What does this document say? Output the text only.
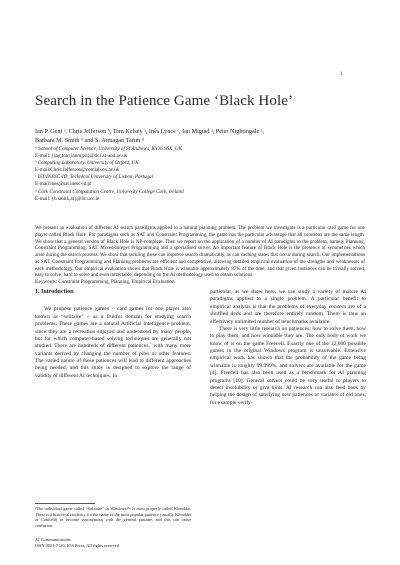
1
Search in the Patience Game ‘Black Hole’
Ian P. Gent ᵃ, Chris Jefferson ᵇ, Tom Kelsey ᵃ, Inês Lynce ᶜ, Ian Miguel ᵃ, Peter Nightingale ᵃ,
Barbara M. Smith ᵈ and S. Armagan Tarim ᵈ
ᵃ School of Computer Science, University of St Andrews, KY16 9SX, UK
E-mail: {ipg,tom,ianm,pn}@dcs.st-and.ac.uk
ᵇ Computing Laboratory, University of Oxford, UK
E-mail:Chris.Jefferson@comlab.ox.ac.uk
ᶜ IST/INESC-ID, Technical University of Lisbon, Portugal
E-mail:ines@sat.inesc-id.pt
ᵈ Cork Constraint Computation Centre, University College Cork, Ireland
E-mail: {b.smith,at}@4c.ucc.ie

We present an evaluation of different AI search paradigms applied to a natural planning problem. The problem we investigate is a particular card game for one player called Black Hole. For paradigms such as SAT and Constraint Programming, the game has the particular advantage that all solutions are the same length. We show that a general version of Black Hole is NP-complete. Then we report on the application of a number of AI paradigms to the problem, namely Planning, Constraint Programming, SAT, Mixed-Integer Programming and a specialised solver. An important feature of Black Hole is the presence of symmetries which arise during the search process. We show that tackling these can improve search dramatically, as can caching states that occur during search. Our implementations as SAT, Constraint Programming and Planning problems are efficient and competitive, allowing detailed empirical evaluation of the strengths and weaknesses of each methodology. Our empirical evaluation shows that Black Hole is winnable approximately 87% of the time, and that given instances can be trivially solved, easy to solve, hard to solve and even intractable, depending on the AI methodology used to obtain solutions.

Keywords: Constraint Programming, Planning, Empirical Evaluation

1. Introduction

We propose patience games – card games for one player also known as “solitaire” – as a fruitful domain for studying search problems. These games are a natural Artificial Intelligence problem, since they are a recreation enjoyed and understood by many people, but for which computer-based solving techniques are generally not studied. There are hundreds of different patiences,$^1$ with many more variants derived by changing the number of piles or other features. The varied nature of these patiences will lead to different approaches being needed, and this study is designed to explore the range of validity of different AI techniques. In

particular, as we show here, we can study a variety of mature AI paradigms applied to a single problem. A particular benefit to empirical analysis is that the problems of everyday concern are of a shuffled deck and are therefore entirely random. There is thus an effectively unlimited number of benchmarks available.

There is very little research on patiences: how to solve them, how to play them, and how winnable they are. The only body of work we know of is on the game Freecell. Exactly one of the 32,000 possible games in the original Windows program is unsolvable. Extensive empirical work has shown that the probability of the game being winnable is roughly 99.999%, and solvers are available for the game [4]. Freecell has also been used as a benchmark for AI planning programs [10]. General solvers could be very useful to players to detect insolubility or give hints. AI research can also feed back by helping the design of satisfying new patiences or variants of old ones, for example verify-

¹The individual game called “Solitaire” in Windows™ is most properly called Klondike. There is a historical tendency for the name of the most popular patience (usually Klondike or Canfield) to become synonymous with the general pastime, and this can cause confusion.
AI Communications
ISSN 0921-7126, IOS Press. All rights reserved
